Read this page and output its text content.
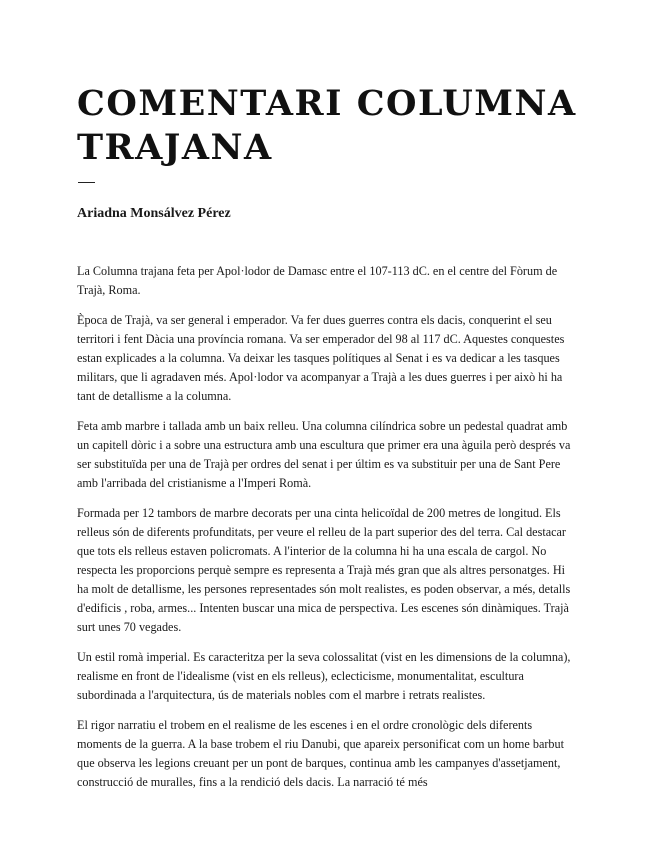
COMENTARI COLUMNA TRAJANA

Ariadna Monsálvez Pérez

La Columna trajana feta per Apol·lodor de Damasc entre el 107-113 dC. en el centre del Fòrum de Trajà, Roma.

Època de Trajà, va ser general i emperador. Va fer dues guerres contra els dacis, conquerint el seu territori i fent Dàcia una província romana. Va ser emperador del 98 al 117 dC. Aquestes conquestes estan explicades a la columna. Va deixar les tasques polítiques al Senat i es va dedicar a les tasques militars, que li agradaven més. Apol·lodor va acompanyar a Trajà a les dues guerres i per això hi ha tant de detallisme a la columna.

Feta amb marbre i tallada amb un baix relleu. Una columna cilíndrica sobre un pedestal quadrat amb un capitell dòric i a sobre una estructura amb una escultura que primer era una àguila però després va ser substituïda per una de Trajà per ordres del senat i per últim es va substituir per una de Sant Pere amb l'arribada del cristianisme a l'Imperi Romà.

Formada per 12 tambors de marbre decorats per una cinta helicoïdal de 200 metres de longitud. Els relleus són de diferents profunditats, per veure el relleu de la part superior des del terra. Cal destacar que tots els relleus estaven policromats. A l'interior de la columna hi ha una escala de cargol. No respecta les proporcions perquè sempre es representa a Trajà més gran que als altres personatges. Hi ha molt de detallisme, les persones representades són molt realistes, es poden observar, a més, detalls d'edificis , roba, armes... Intenten buscar una mica de perspectiva. Les escenes són dinàmiques. Trajà surt unes 70 vegades.

Un estil romà imperial. Es caracteritza per la seva colossalitat (vist en les dimensions de la columna), realisme en front de l'idealisme (vist en els relleus), eclecticisme, monumentalitat, escultura subordinada a l'arquitectura, ús de materials nobles com el marbre i retrats realistes.

El rigor narratiu el trobem en el realisme de les escenes i en el ordre cronològic dels diferents moments de la guerra. A la base trobem el riu Danubi, que apareix personificat com un home barbut que observa les legions creuant per un pont de barques, continua amb les campanyes d'assetjament, construcció de muralles, fins a la rendició dels dacis. La narració té més
